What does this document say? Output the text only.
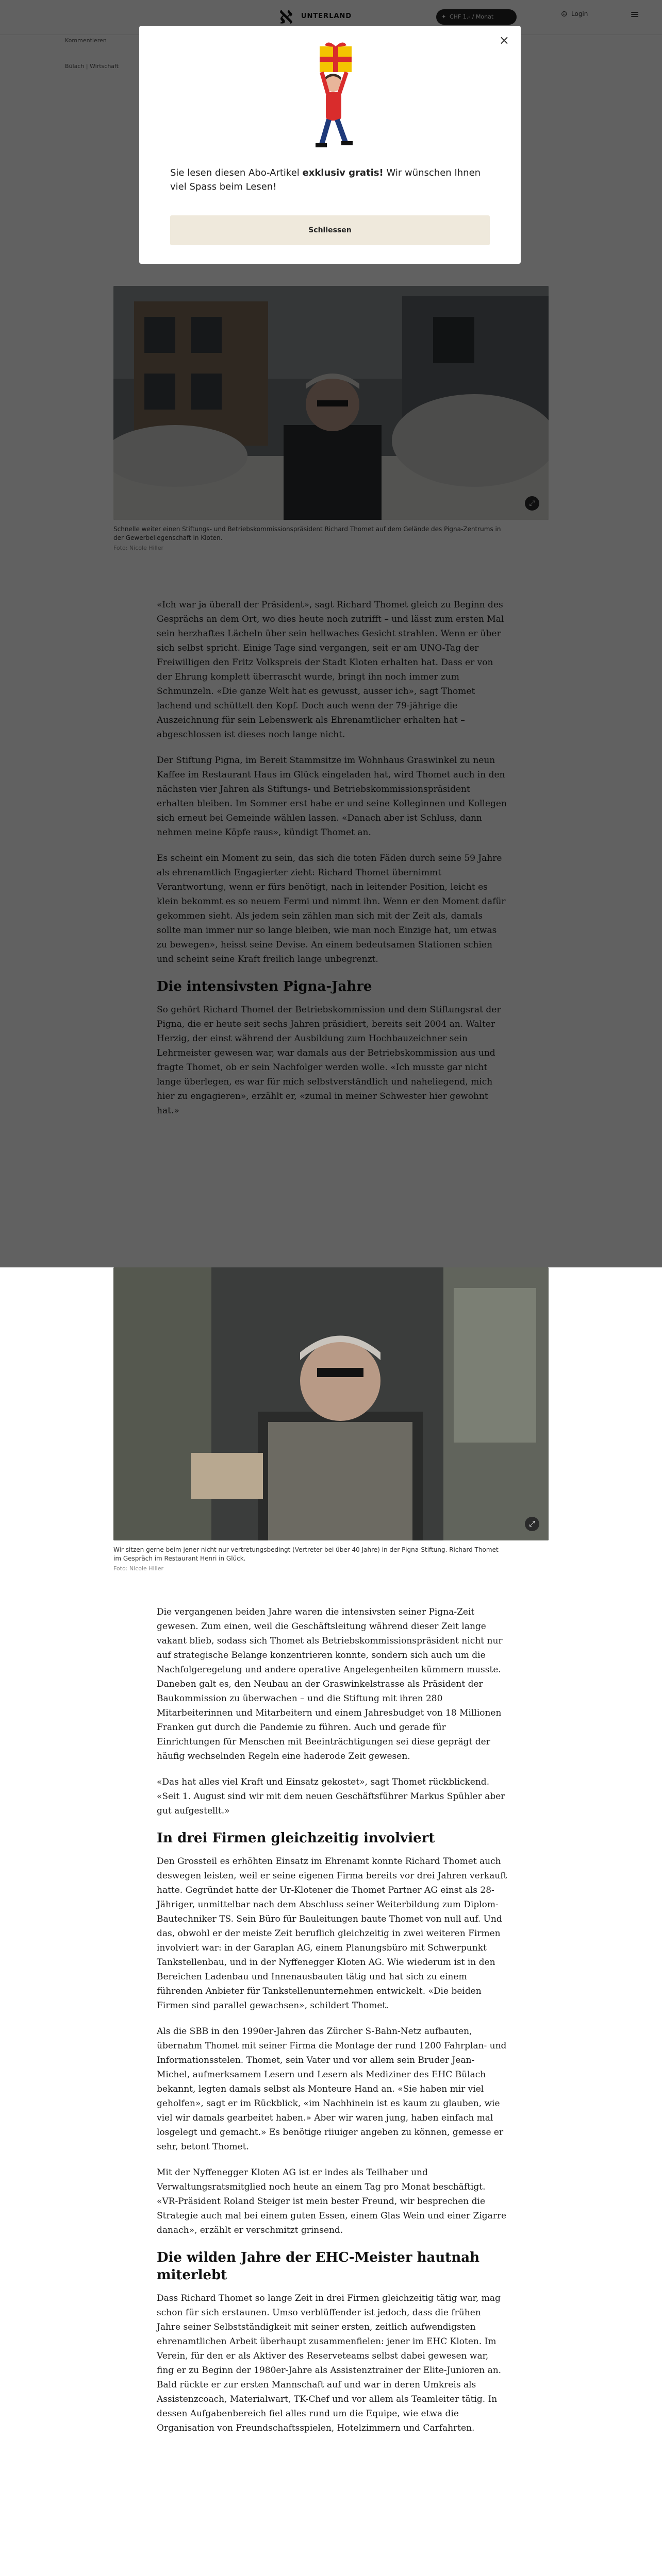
⤢
Wir sitzen gerne beim jener nicht nur vertretungsbedingt (Vertreter bei über 40 Jahre) in der Pigna-Stiftung. Richard Thomet im Gespräch im Restaurant Henri in Glück.
Foto: Nicole Hiller

Die vergangenen beiden Jahre waren die intensivsten seiner Pigna-Zeit gewesen. Zum einen, weil die Geschäftsleitung während dieser Zeit lange vakant blieb, sodass sich Thomet als Betriebskommissionspräsident nicht nur auf strategische Belange konzentrieren konnte, sondern sich auch um die Nachfolgeregelung und andere operative Angelegenheiten kümmern musste. Daneben galt es, den Neubau an der Graswinkelstrasse als Präsident der Baukommission zu überwachen – und die Stiftung mit ihren 280 Mitarbeiterinnen und Mitarbeitern und einem Jahresbudget von 18 Millionen Franken gut durch die Pandemie zu führen. Auch und gerade für Einrichtungen für Menschen mit Beeinträchtigungen sei diese geprägt der häufig wechselnden Regeln eine haderode Zeit gewesen.

«Das hat alles viel Kraft und Einsatz gekostet», sagt Thomet rückblickend. «Seit 1. August sind wir mit dem neuen Geschäftsführer Markus Spühler aber gut aufgestellt.»

In drei Firmen gleichzeitig involviert

Den Grossteil es erhöhten Einsatz im Ehrenamt konnte Richard Thomet auch deswegen leisten, weil er seine eigenen Firma bereits vor drei Jahren verkauft hatte. Gegründet hatte der Ur-Klotener die Thomet Partner AG einst als 28-Jähriger, unmittelbar nach dem Abschluss seiner Weiterbildung zum Diplom-Bautechniker TS. Sein Büro für Bauleitungen baute Thomet von null auf. Und das, obwohl er der meiste Zeit beruflich gleichzeitig in zwei weiteren Firmen involviert war: in der Garaplan AG, einem Planungsbüro mit Schwerpunkt Tankstellenbau, und in der Nyffenegger Kloten AG. Wie wiederum ist in den Bereichen Ladenbau und Innenausbauten tätig und hat sich zu einem führenden Anbieter für Tankstellenunternehmen entwickelt. «Die beiden Firmen sind parallel gewachsen», schildert Thomet.

Als die SBB in den 1990er-Jahren das Zürcher S-Bahn-Netz aufbauten, übernahm Thomet mit seiner Firma die Montage der rund 1200 Fahrplan- und Informationsstelen. Thomet, sein Vater und vor allem sein Bruder Jean-Michel, aufmerksamem Lesern und Lesern als Mediziner des EHC Bülach bekannt, legten damals selbst als Monteure Hand an. «Sie haben mir viel geholfen», sagt er im Rückblick, «im Nachhinein ist es kaum zu glauben, wie viel wir damals gearbeitet haben.» Aber wir waren jung, haben einfach mal losgelegt und gemacht.» Es benötige riiuiger angeben zu können, gemesse er sehr, betont Thomet.

Mit der Nyffenegger Kloten AG ist er indes als Teilhaber und Verwaltungsratsmitglied noch heute an einem Tag pro Monat beschäftigt. «VR-Präsident Roland Steiger ist mein bester Freund, wir besprechen die Strategie auch mal bei einem guten Essen, einem Glas Wein und einer Zigarre danach», erzählt er verschmitzt grinsend.

Die wilden Jahre der EHC-Meister hautnah miterlebt

Dass Richard Thomet so lange Zeit in drei Firmen gleichzeitig tätig war, mag schon für sich erstaunen. Umso verblüffender ist jedoch, dass die frühen Jahre seiner Selbstständigkeit mit seiner ersten, zeitlich aufwendigsten ehrenamtlichen Arbeit überhaupt zusammenfielen: jener im EHC Kloten. Im Verein, für den er als Aktiver des Reserveteams selbst dabei gewesen war, fing er zu Beginn der 1980er-Jahre als Assistenztrainer der Elite-Junioren an. Bald rückte er zur ersten Mannschaft auf und war in deren Umkreis als Assistenzcoach, Materialwart, TK-Chef und vor allem als Teamleiter tätig. In dessen Aufgabenbereich fiel alles rund um die Equipe, wie etwa die Organisation von Freundschaftsspielen, Hotelzimmern und Carfahrten.

×
Sie lesen diesen Abo-Artikel exklusiv gratis! Wir wünschen Ihnen viel Spass beim Lesen!
Schliessen
